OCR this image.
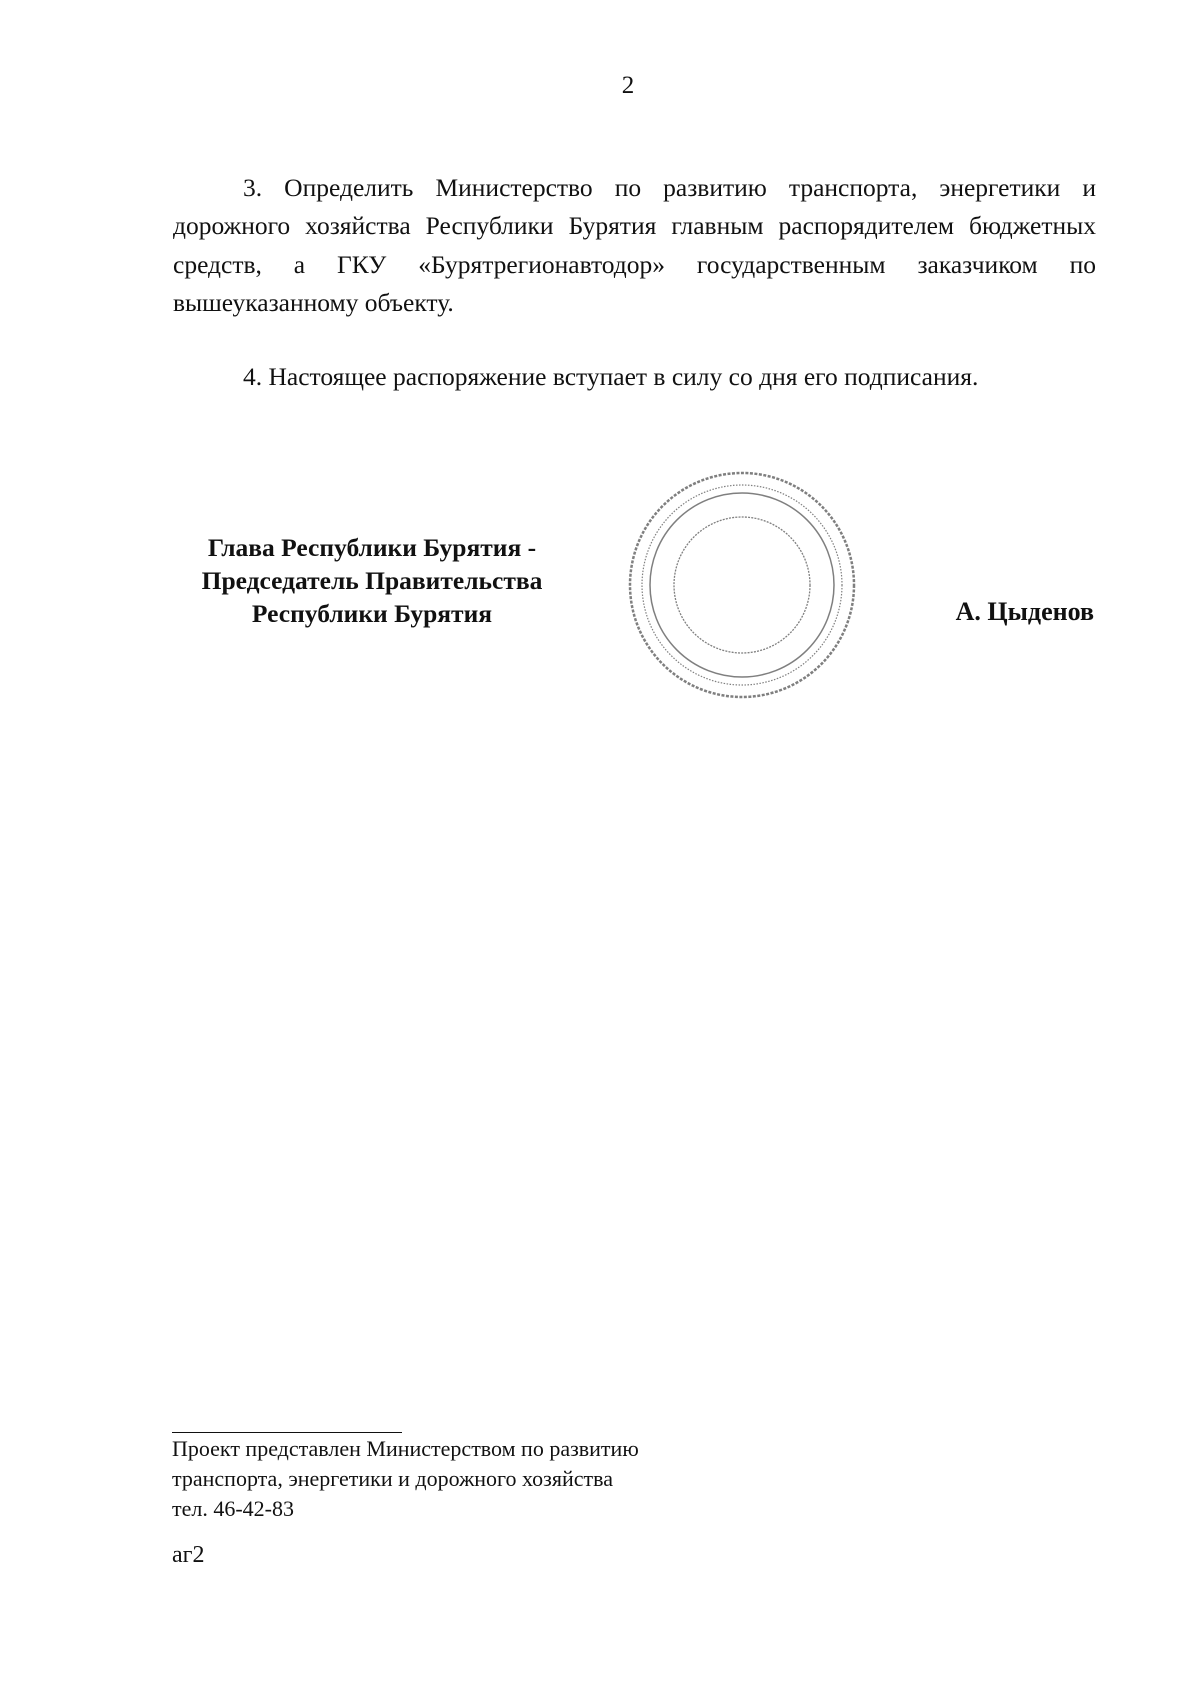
2

3. Определить Министерство по развитию транспорта, энергетики и дорожного хозяйства Республики Бурятия главным распорядителем бюджетных средств, а ГКУ «Бурятрегионавтодор» государственным заказчиком по вышеуказанному объекту.

4. Настоящее распоряжение вступает в силу со дня его подписания.

Глава Республики Бурятия -
Председатель Правительства
Республики Бурятия	А. Цыденов
Проект представлен Министерством по развитию
транспорта, энергетики и дорожного хозяйства
тел. 46-42-83
аг2
